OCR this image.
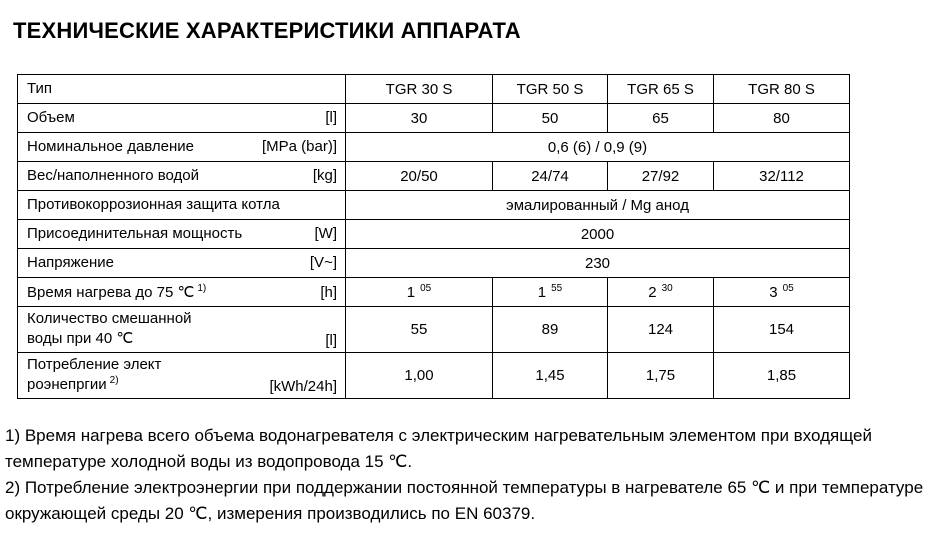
ТЕХНИЧЕСКИЕ ХАРАКТЕРИСТИКИ АППАРАТА
Тип	TGR 30 S	TGR 50 S	TGR 65 S	TGR 80 S

Объем [l]	30	50	65	80

Номинальное давление [MPa (bar)]	0,6 (6) / 0,9 (9)			

Вес/наполненного водой [kg]	20/50	24/74	27/92	32/112

Противокоррозионная защита котла	эмалированный / Mg анод			

Присоединительная мощность [W]	2000			

Напряжение [V~]	230			

Время нагрева до 75 ℃ $^{1)}$ [h]	1 $^{05}$	1 $^{55}$	2 $^{30}$	3 $^{05}$

Количество смешанной
воды при 40 ℃ [l]	55	89	124	154

Потребление элект
роэнепргии $^{2)}$ [kWh/24h]	1,00	1,45	1,75	1,85

1) Время нагрева всего объема водонагревателя с электрическим нагревательным элементом при входящей температуре холодной воды из водопровода 15 ℃.

2) Потребление электроэнергии при поддержании постоянной температуры в нагревателе 65 ℃ и при температуре окружающей среды 20 ℃, измерения производились по EN 60379.
